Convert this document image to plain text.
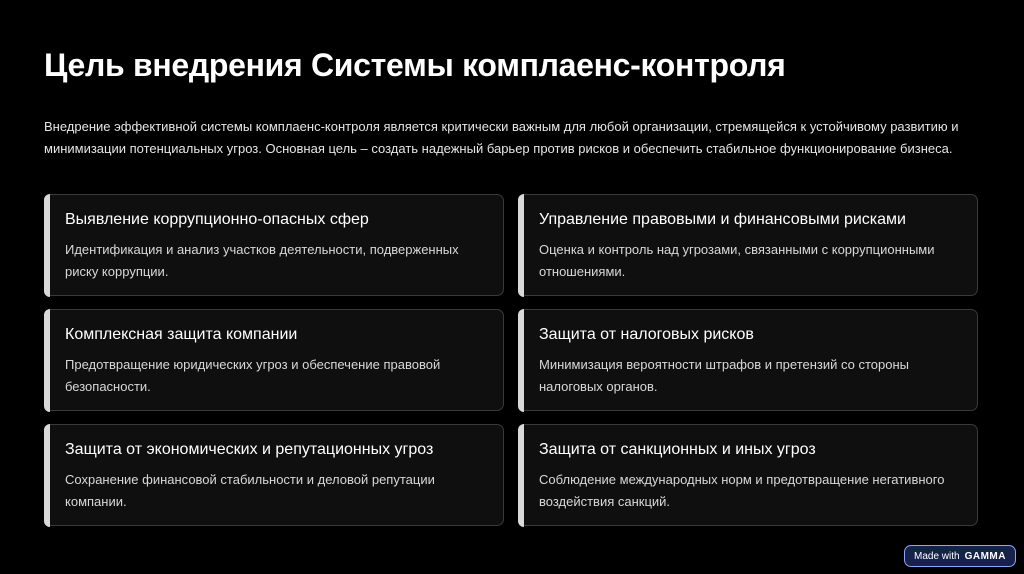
Цель внедрения Системы комплаенс-контроля

Внедрение эффективной системы комплаенс-контроля является критически важным для любой организации, стремящейся к устойчивому развитию и минимизации потенциальных угроз. Основная цель – создать надежный барьер против рисков и обеспечить стабильное функционирование бизнеса.

Выявление коррупционно-опасных сфер

Идентификация и анализ участков деятельности, подверженных риску коррупции.

Управление правовыми и финансовыми рисками

Оценка и контроль над угрозами, связанными с коррупционными отношениями.

Комплексная защита компании

Предотвращение юридических угроз и обеспечение правовой безопасности.

Защита от налоговых рисков

Минимизация вероятности штрафов и претензий со стороны налоговых органов.

Защита от экономических и репутационных угроз

Сохранение финансовой стабильности и деловой репутации компании.

Защита от санкционных и иных угроз

Соблюдение международных норм и предотвращение негативного воздействия санкций.

Made with GAMMA
